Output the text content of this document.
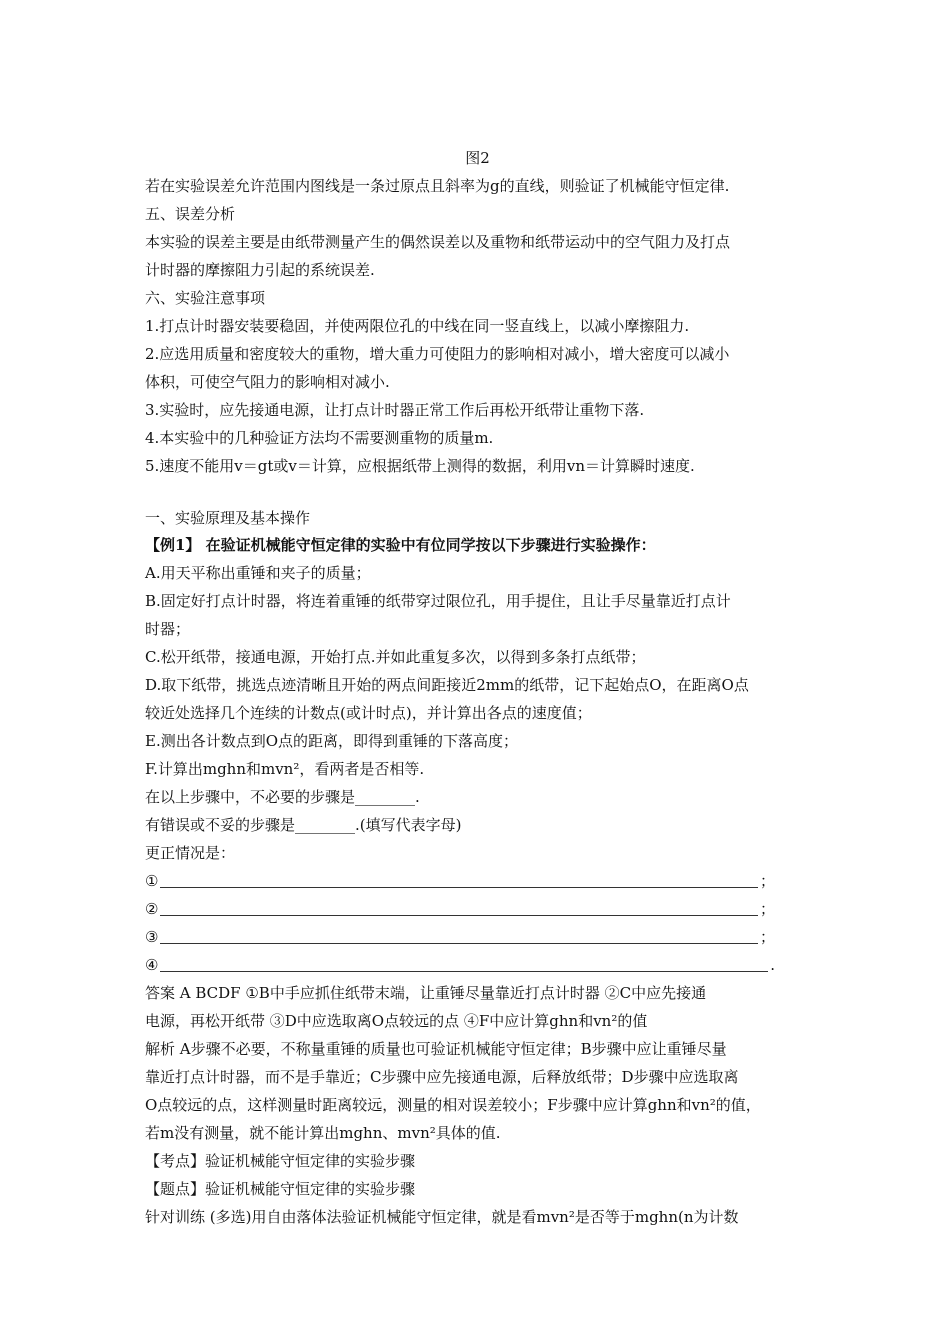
图2
若在实验误差允许范围内图线是一条过原点且斜率为g的直线，则验证了机械能守恒定律.
五、误差分析
本实验的误差主要是由纸带测量产生的偶然误差以及重物和纸带运动中的空气阻力及打点
计时器的摩擦阻力引起的系统误差.
六、实验注意事项
1.打点计时器安装要稳固，并使两限位孔的中线在同一竖直线上，以减小摩擦阻力.
2.应选用质量和密度较大的重物，增大重力可使阻力的影响相对减小，增大密度可以减小
体积，可使空气阻力的影响相对减小.
3.实验时，应先接通电源，让打点计时器正常工作后再松开纸带让重物下落.
4.本实验中的几种验证方法均不需要测重物的质量m.
5.速度不能用v＝gt或v＝计算，应根据纸带上测得的数据，利用vn＝计算瞬时速度.
一、实验原理及基本操作
【例1】 在验证机械能守恒定律的实验中有位同学按以下步骤进行实验操作：
A.用天平称出重锤和夹子的质量；
B.固定好打点计时器，将连着重锤的纸带穿过限位孔，用手提住，且让手尽量靠近打点计
时器；
C.松开纸带，接通电源，开始打点.并如此重复多次，以得到多条打点纸带；
D.取下纸带，挑选点迹清晰且开始的两点间距接近2mm的纸带，记下起始点O，在距离O点
较近处选择几个连续的计数点(或计时点)，并计算出各点的速度值；
E.测出各计数点到O点的距离，即得到重锤的下落高度；
F.计算出mghn和mvn²，看两者是否相等.
在以上步骤中，不必要的步骤是________.
有错误或不妥的步骤是________.(填写代表字母)
更正情况是：
①	；
②	；
③	；
④	.
答案 A BCDF ①B中手应抓住纸带末端，让重锤尽量靠近打点计时器 ②C中应先接通
电源，再松开纸带 ③D中应选取离O点较远的点 ④F中应计算ghn和vn²的值
解析 A步骤不必要，不称量重锤的质量也可验证机械能守恒定律；B步骤中应让重锤尽量
靠近打点计时器，而不是手靠近；C步骤中应先接通电源，后释放纸带；D步骤中应选取离
O点较远的点，这样测量时距离较远，测量的相对误差较小；F步骤中应计算ghn和vn²的值，
若m没有测量，就不能计算出mghn、mvn²具体的值.
【考点】验证机械能守恒定律的实验步骤
【题点】验证机械能守恒定律的实验步骤
针对训练 (多选)用自由落体法验证机械能守恒定律，就是看mvn²是否等于mghn(n为计数
